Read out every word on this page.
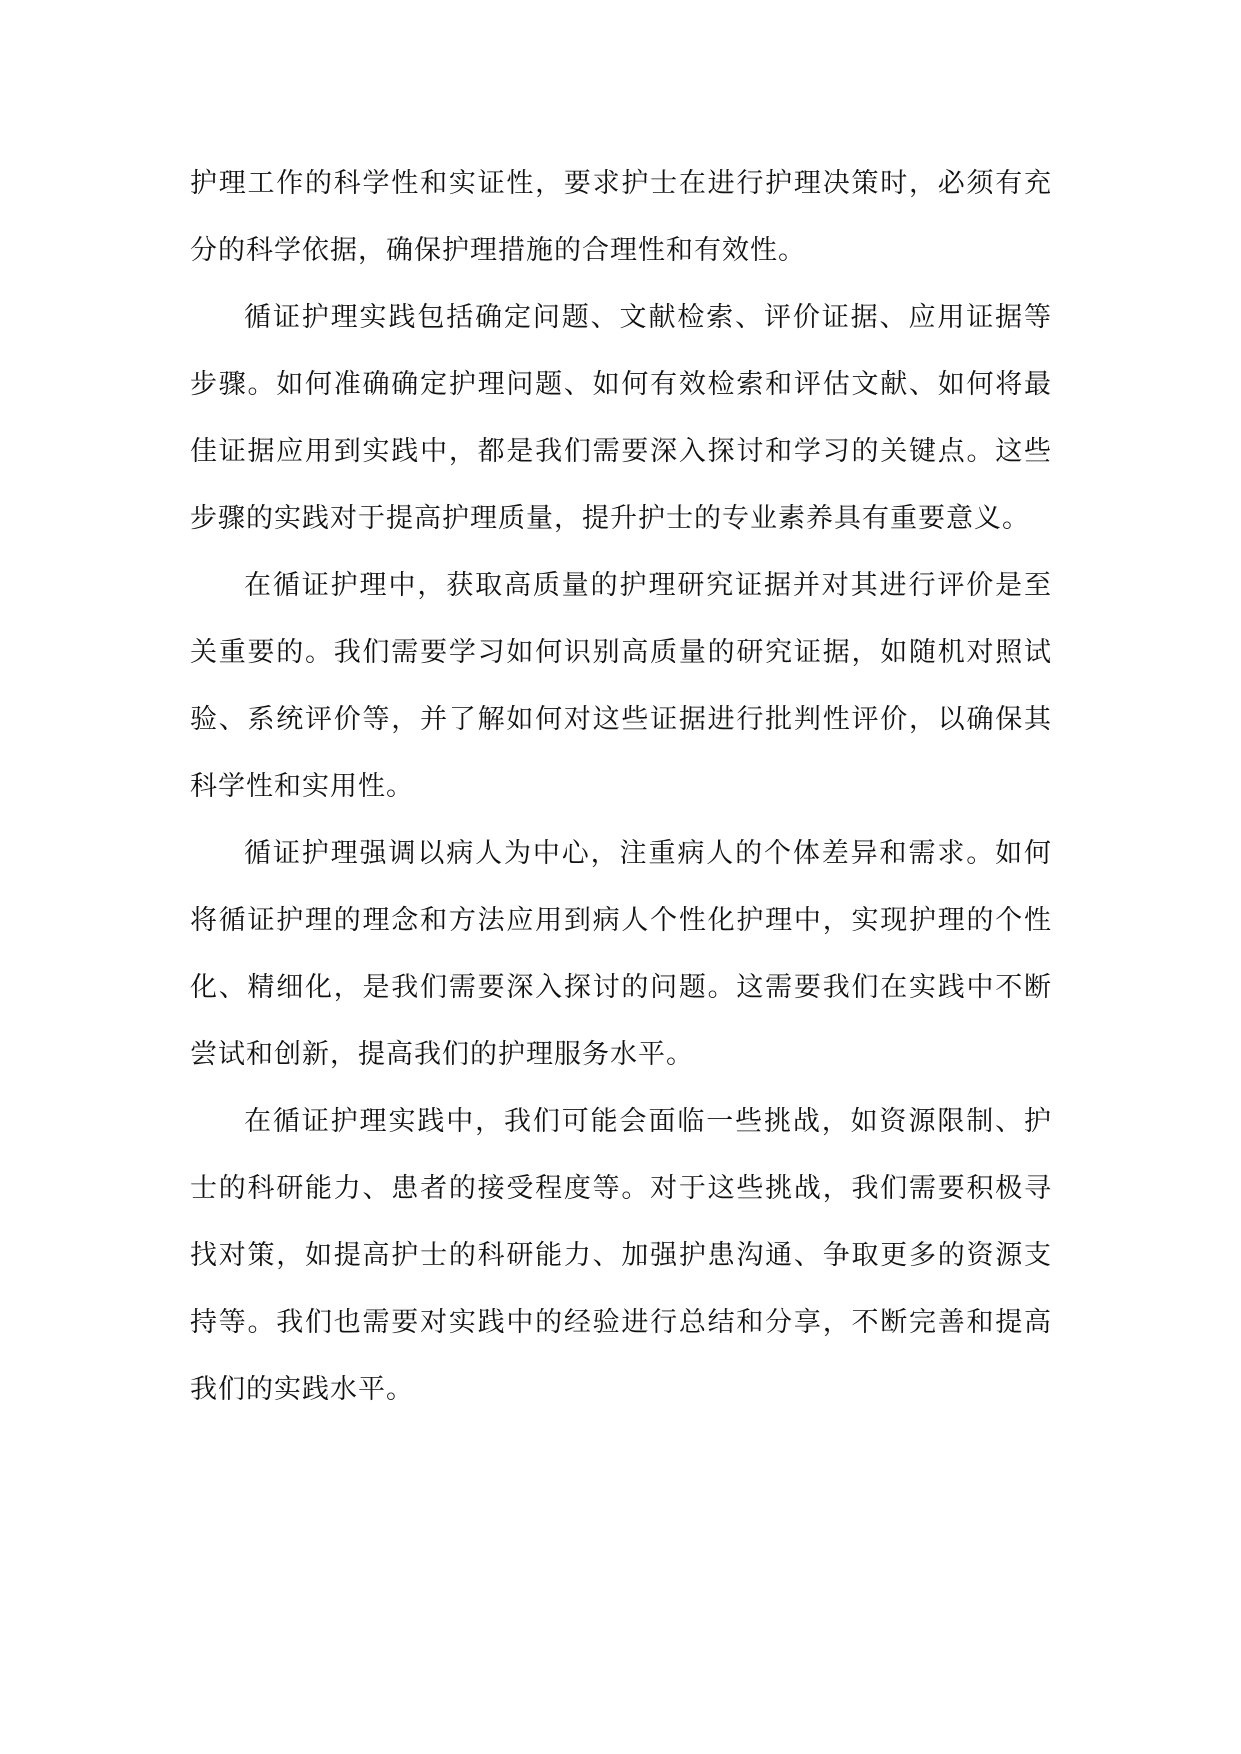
护理工作的科学性和实证性，要求护士在进行护理决策时，必须有充分的科学依据，确保护理措施的合理性和有效性。

循证护理实践包括确定问题、文献检索、评价证据、应用证据等步骤。如何准确确定护理问题、如何有效检索和评估文献、如何将最佳证据应用到实践中，都是我们需要深入探讨和学习的关键点。这些步骤的实践对于提高护理质量，提升护士的专业素养具有重要意义。

在循证护理中，获取高质量的护理研究证据并对其进行评价是至关重要的。我们需要学习如何识别高质量的研究证据，如随机对照试验、系统评价等，并了解如何对这些证据进行批判性评价，以确保其科学性和实用性。

循证护理强调以病人为中心，注重病人的个体差异和需求。如何将循证护理的理念和方法应用到病人个性化护理中，实现护理的个性化、精细化，是我们需要深入探讨的问题。这需要我们在实践中不断尝试和创新，提高我们的护理服务水平。

在循证护理实践中，我们可能会面临一些挑战，如资源限制、护士的科研能力、患者的接受程度等。对于这些挑战，我们需要积极寻找对策，如提高护士的科研能力、加强护患沟通、争取更多的资源支持等。我们也需要对实践中的经验进行总结和分享，不断完善和提高我们的实践水平。
